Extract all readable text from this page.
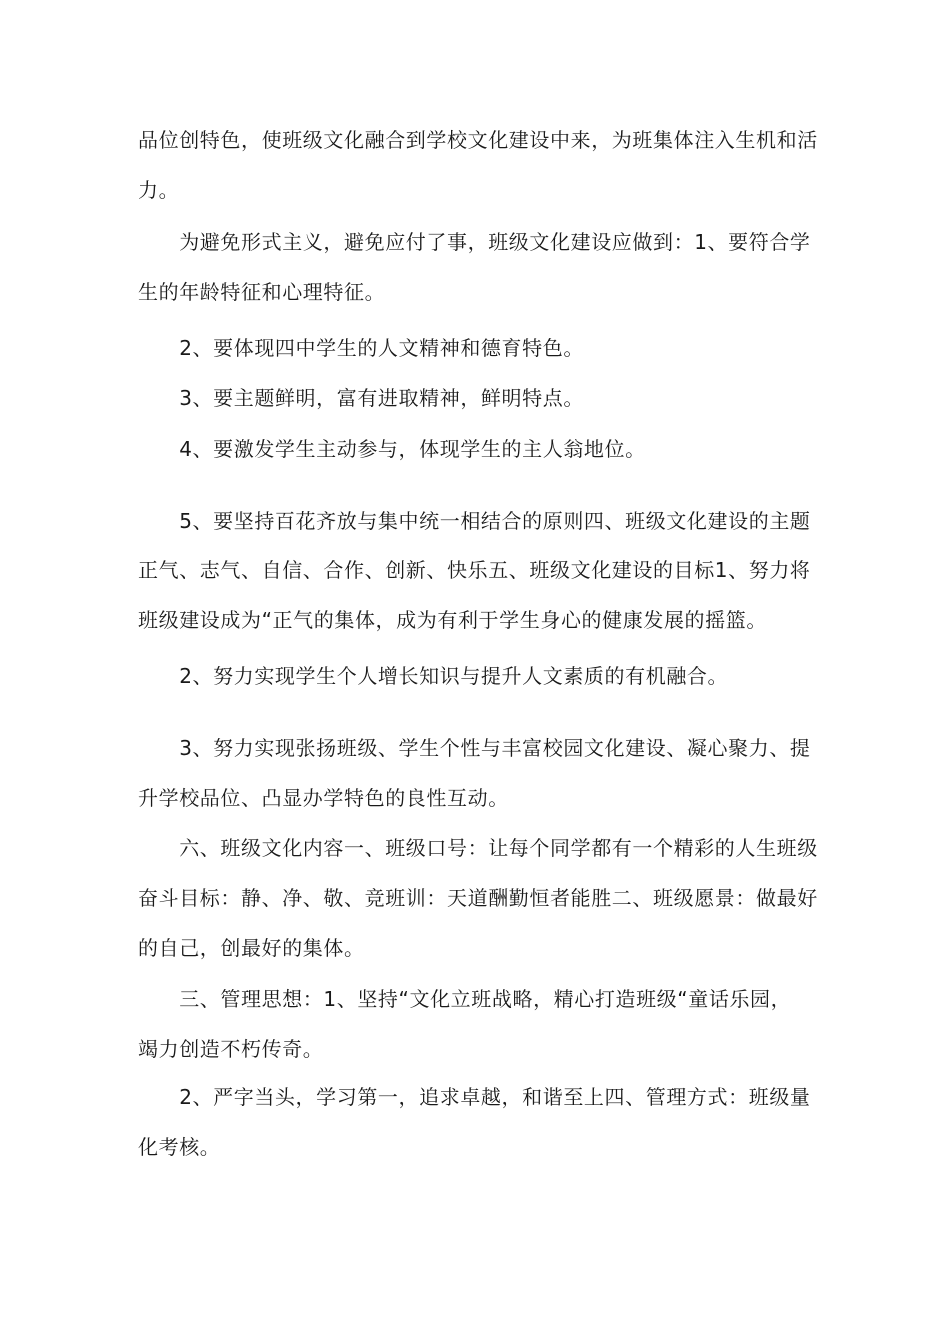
品位创特色，使班级文化融合到学校文化建设中来，为班集体注入生机和活
力。
　　为避免形式主义，避免应付了事，班级文化建设应做到：1、要符合学
生的年龄特征和心理特征。
　　2、要体现四中学生的人文精神和德育特色。
　　3、要主题鲜明，富有进取精神，鲜明特点。
　　4、要激发学生主动参与，体现学生的主人翁地位。
　　5、要坚持百花齐放与集中统一相结合的原则四、班级文化建设的主题
正气、志气、自信、合作、创新、快乐五、班级文化建设的目标1、努力将
班级建设成为“正气的集体，成为有利于学生身心的健康发展的摇篮。
　　2、努力实现学生个人增长知识与提升人文素质的有机融合。
　　3、努力实现张扬班级、学生个性与丰富校园文化建设、凝心聚力、提
升学校品位、凸显办学特色的良性互动。
　　六、班级文化内容一、班级口号：让每个同学都有一个精彩的人生班级
奋斗目标：静、净、敬、竞班训：天道酬勤恒者能胜二、班级愿景：做最好
的自己，创最好的集体。
　　三、管理思想：1、坚持“文化立班战略，精心打造班级“童话乐园，
竭力创造不朽传奇。
　　2、严字当头，学习第一，追求卓越，和谐至上四、管理方式：班级量
化考核。
